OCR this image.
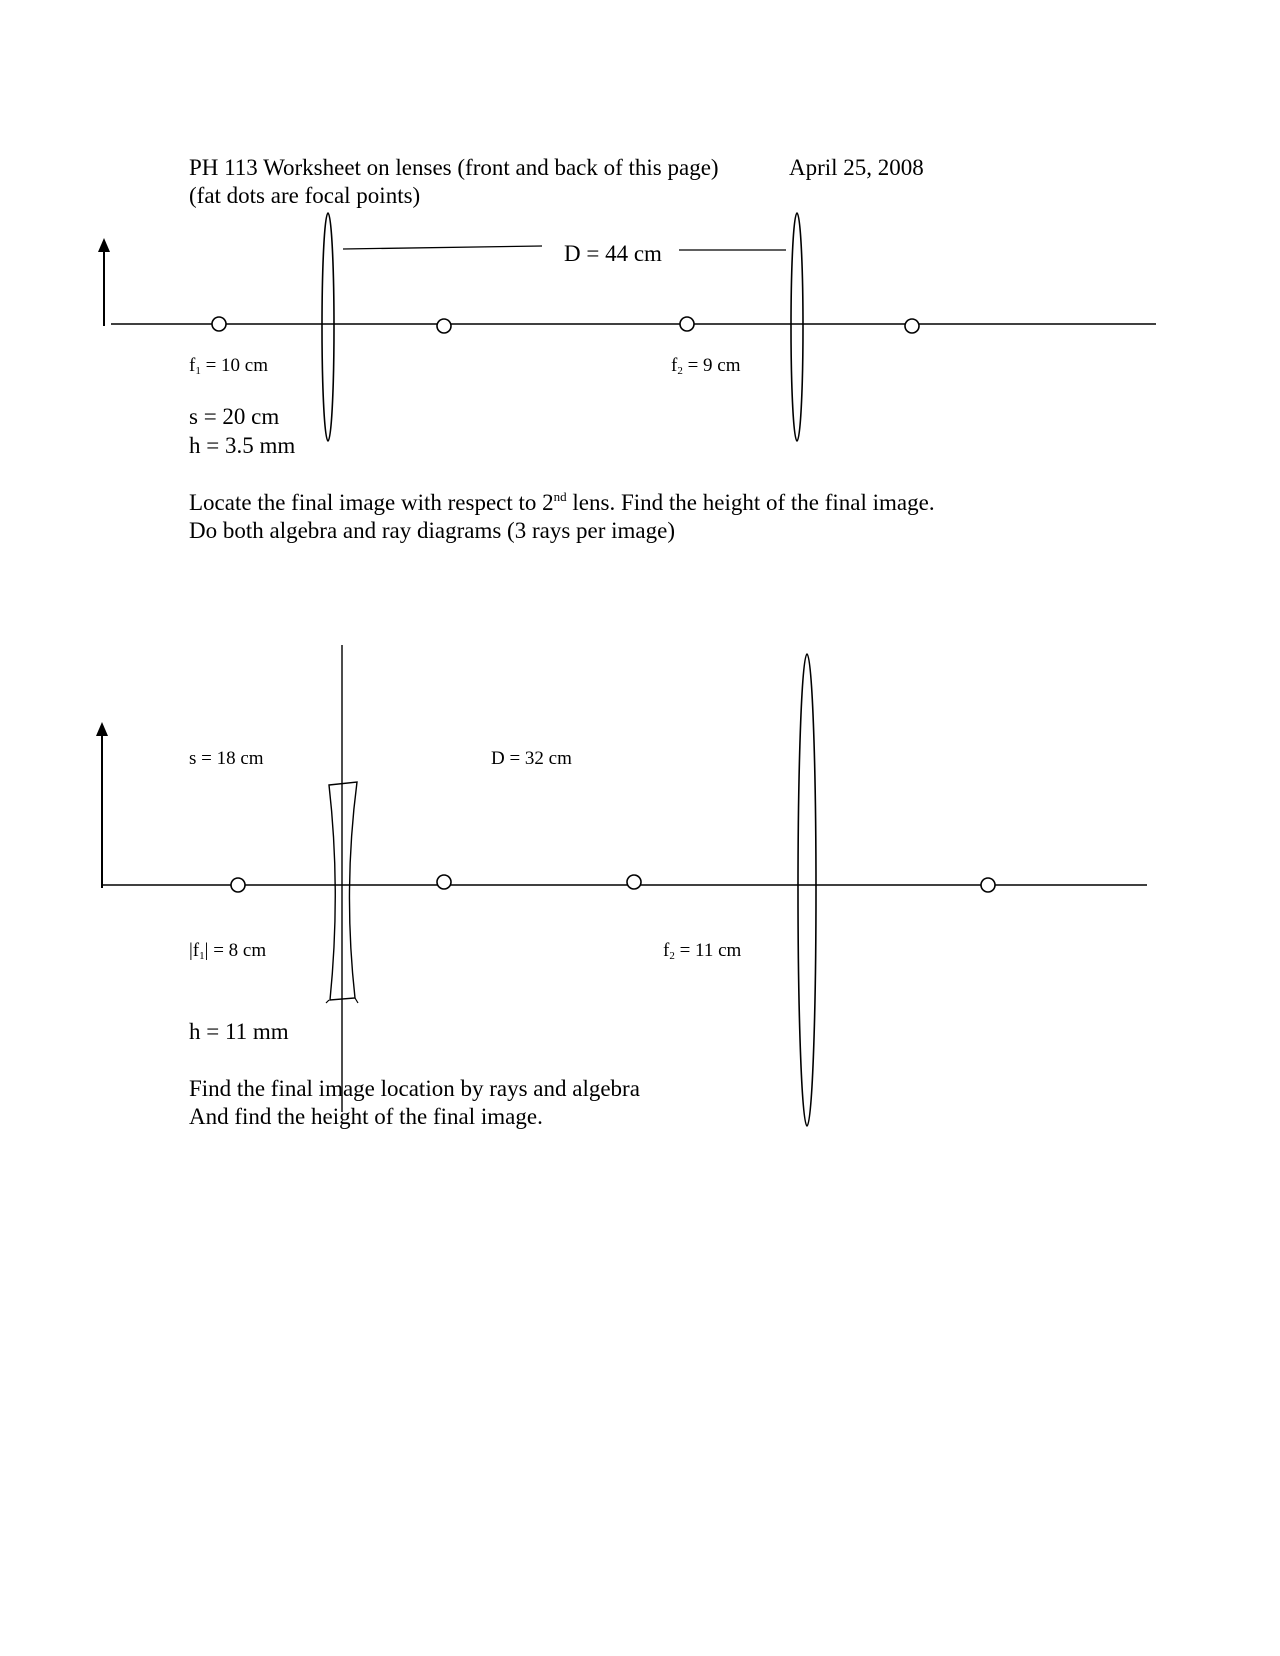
PH 113 Worksheet on lenses (front and back of this page)	April 25, 2008
(fat dots are focal points)
D = 44 cm
$f_1 = 10$ cm	$f_2 = 9$ cm
s = 20 cm
h = 3.5 mm
Locate the final image with respect to 2nd lens. Find the height of the final image.
Do both algebra and ray diagrams (3 rays per image)
s = 18 cm	D = 32 cm
$|f_1| = 8$ cm	$f_2 = 11$ cm
h = 11 mm
Find the final image location by rays and algebra
And find the height of the final image.
